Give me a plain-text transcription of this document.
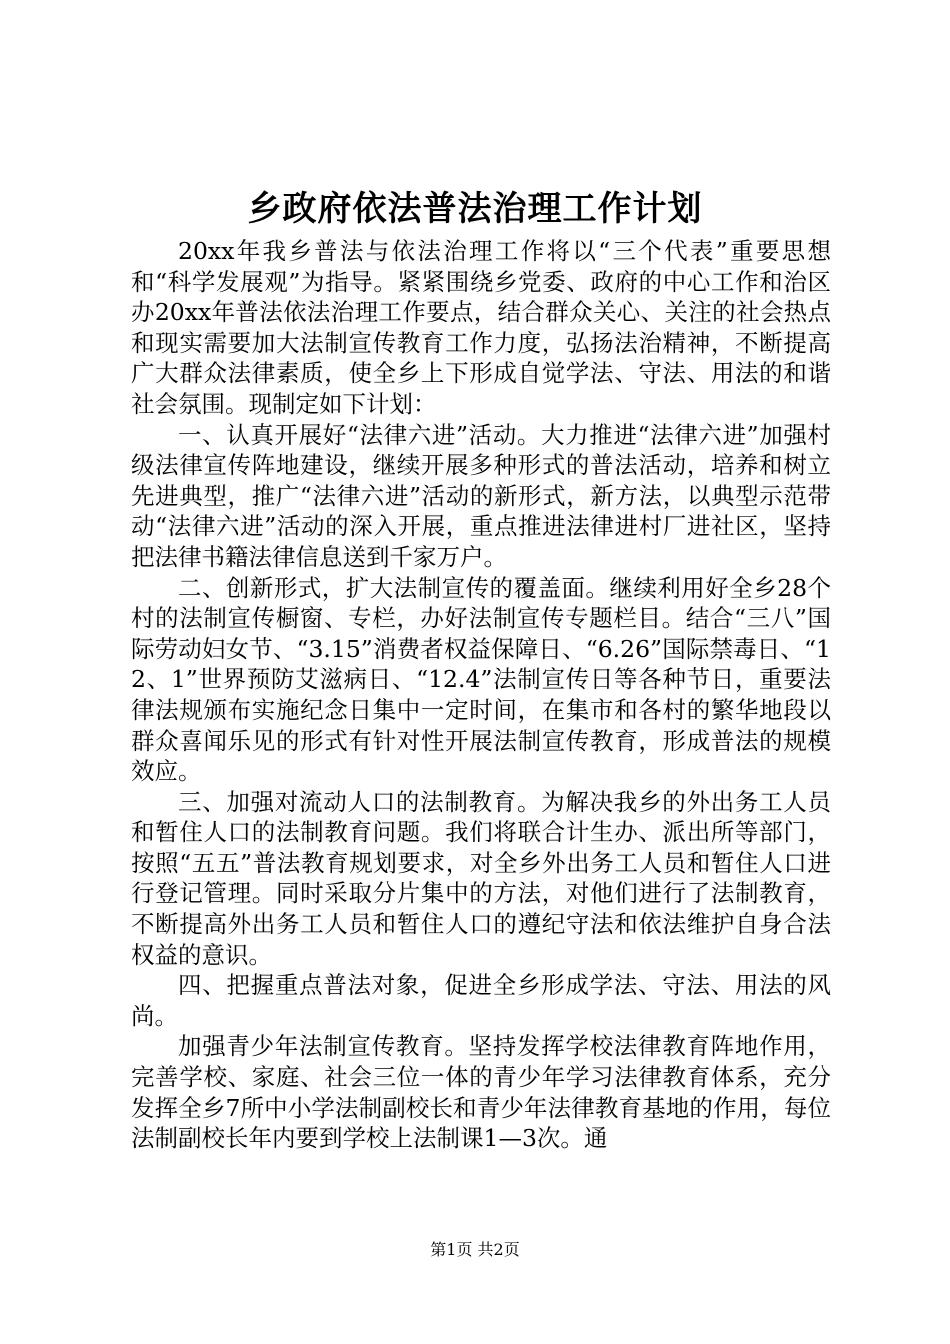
乡政府依法普法治理工作计划

20xx年我乡普法与依法治理工作将以“三个代表”重要思想和“科学发展观”为指导。紧紧围绕乡党委、政府的中心工作和治区办20xx年普法依法治理工作要点，结合群众关心、关注的社会热点和现实需要加大法制宣传教育工作力度，弘扬法治精神，不断提高广大群众法律素质，使全乡上下形成自觉学法、守法、用法的和谐社会氛围。现制定如下计划：

一、认真开展好“法律六进”活动。大力推进“法律六进”加强村级法律宣传阵地建设，继续开展多种形式的普法活动，培养和树立先进典型，推广“法律六进”活动的新形式，新方法，以典型示范带动“法律六进”活动的深入开展，重点推进法律进村厂进社区，坚持把法律书籍法律信息送到千家万户。

二、创新形式，扩大法制宣传的覆盖面。继续利用好全乡28个村的法制宣传橱窗、专栏，办好法制宣传专题栏目。结合“三八”国际劳动妇女节、“3.15”消费者权益保障日、“6.26”国际禁毒日、“12、1”世界预防艾滋病日、“12.4”法制宣传日等各种节日，重要法律法规颁布实施纪念日集中一定时间，在集市和各村的繁华地段以群众喜闻乐见的形式有针对性开展法制宣传教育，形成普法的规模效应。

三、加强对流动人口的法制教育。为解决我乡的外出务工人员和暂住人口的法制教育问题。我们将联合计生办、派出所等部门，按照“五五”普法教育规划要求，对全乡外出务工人员和暂住人口进行登记管理。同时采取分片集中的方法，对他们进行了法制教育，不断提高外出务工人员和暂住人口的遵纪守法和依法维护自身合法权益的意识。

四、把握重点普法对象，促进全乡形成学法、守法、用法的风尚。

加强青少年法制宣传教育。坚持发挥学校法律教育阵地作用，完善学校、家庭、社会三位一体的青少年学习法律教育体系，充分发挥全乡7所中小学法制副校长和青少年法律教育基地的作用，每位法制副校长年内要到学校上法制课1—3次。通

第1页 共2页
